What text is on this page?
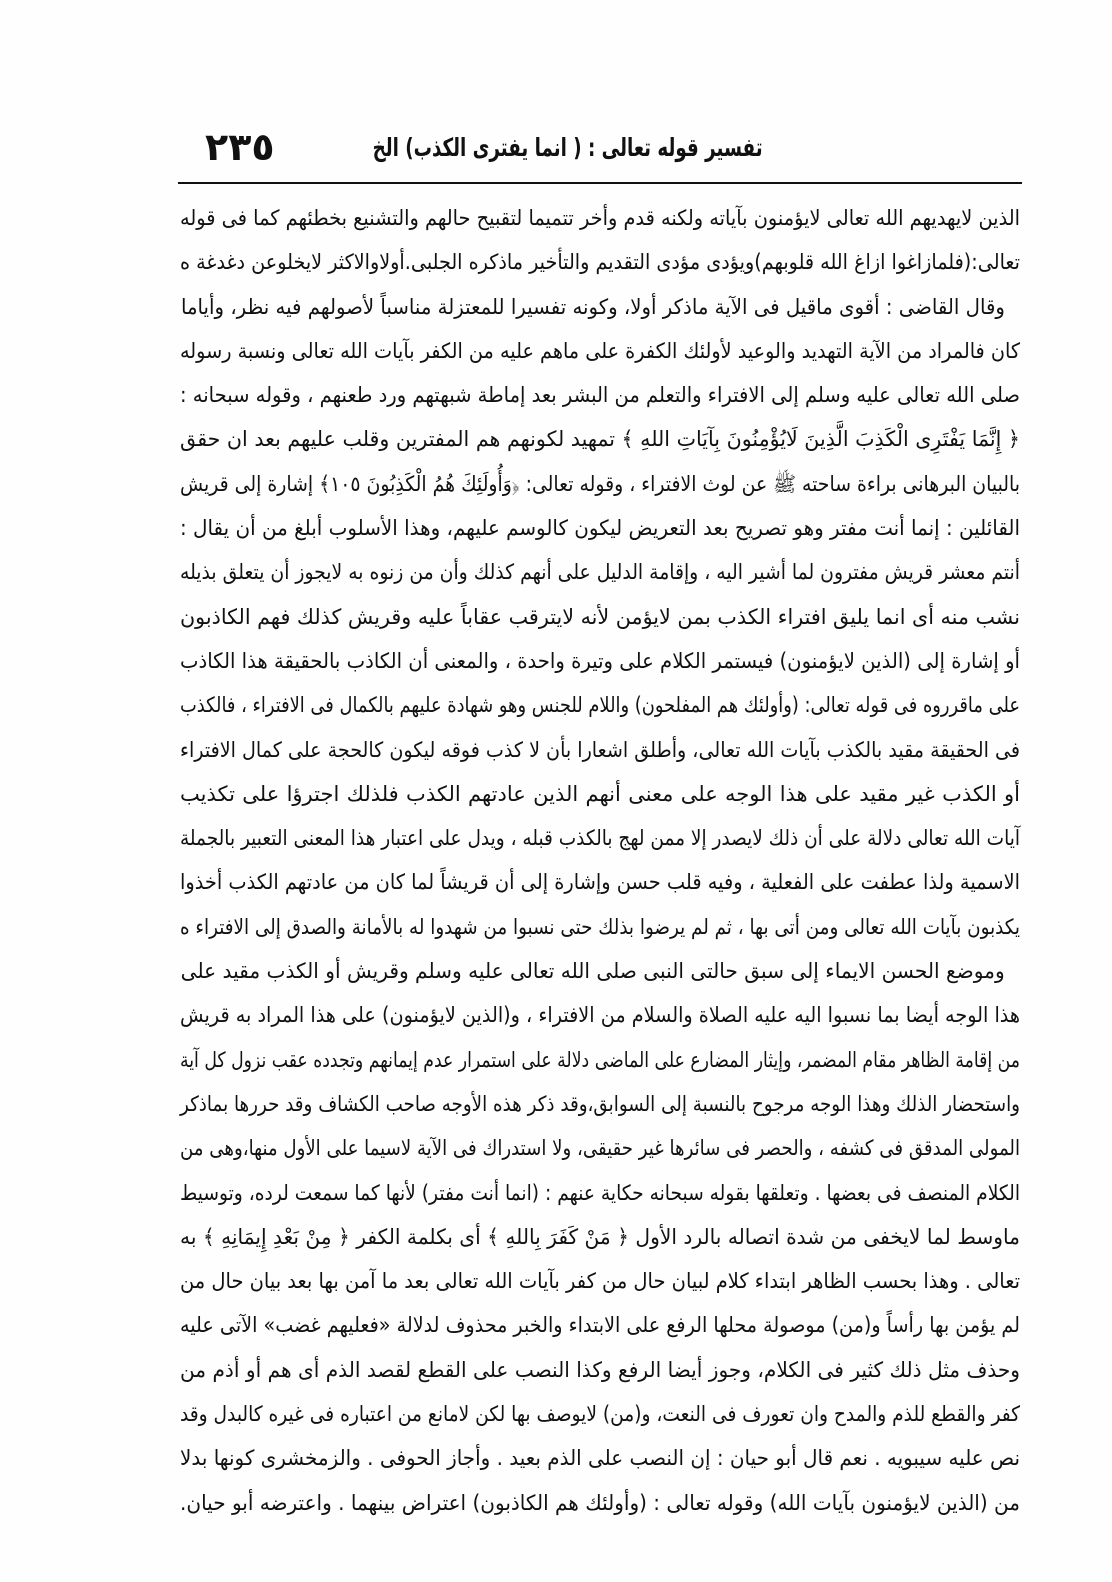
٢٣٥	تفسير قوله تعالى : ( انما يفترى الكذب) الخ
الذين لايهديهم الله تعالى لايؤمنون بآياته ولكنه قدم وأخر تتميما لتقبيح حالهم والتشنيع بخطئهم كما فى قوله
تعالى:(فلمازاغوا ازاغ الله قلوبهم)ويؤدى مؤدى التقديم والتأخير ماذكره الجلبى.أولاوالاكثر لايخلوعن دغدغة ه
وقال القاضى : أقوى ماقيل فى الآية ماذكر أولا، وكونه تفسيرا للمعتزلة مناسباً لأصولهم فيه نظر، وأياما
كان فالمراد من الآية التهديد والوعيد لأولئك الكفرة على ماهم عليه من الكفر بآيات الله تعالى ونسبة رسوله
صلى الله تعالى عليه وسلم إلى الافتراء والتعلم من البشر بعد إماطة شبهتهم ورد طعنهم ، وقوله سبحانه :
﴿ إِنَّمَا يَفْتَرِى الْكَذِبَ الَّذِينَ لَايُؤْمِنُونَ بِآيَاتِ اللهِ ﴾ تمهيد لكونهم هم المفترين وقلب عليهم بعد ان حقق
بالبيان البرهانى براءة ساحته ﷺ عن لوث الافتراء ، وقوله تعالى: ﴿وَأُولَئِكَ هُمُ الْكَذِبُونَ ١٠٥﴾ إشارة إلى قريش
القائلين : إنما أنت مفتر وهو تصريح بعد التعريض ليكون كالوسم عليهم، وهذا الأسلوب أبلغ من أن يقال :
أنتم معشر قريش مفترون لما أشير اليه ، وإقامة الدليل على أنهم كذلك وأن من زنوه به لايجوز أن يتعلق بذيله
نشب منه أى انما يليق افتراء الكذب بمن لايؤمن لأنه لايترقب عقاباً عليه وقريش كذلك فهم الكاذبون
أو إشارة إلى (الذين لايؤمنون) فيستمر الكلام على وتيرة واحدة ، والمعنى أن الكاذب بالحقيقة هذا الكاذب
على ماقرروه فى قوله تعالى: (وأولئك هم المفلحون) واللام للجنس وهو شهادة عليهم بالكمال فى الافتراء ، فالكذب
فى الحقيقة مقيد بالكذب بآيات الله تعالى، وأطلق اشعارا بأن لا كذب فوقه ليكون كالحجة على كمال الافتراء
أو الكذب غير مقيد على هذا الوجه على معنى أنهم الذين عادتهم الكذب فلذلك اجترؤا على تكذيب
آيات الله تعالى دلالة على أن ذلك لايصدر إلا ممن لهج بالكذب قبله ، ويدل على اعتبار هذا المعنى التعبير بالجملة
الاسمية ولذا عطفت على الفعلية ، وفيه قلب حسن وإشارة إلى أن قريشاً لما كان من عادتهم الكذب أخذوا
يكذبون بآيات الله تعالى ومن أتى بها ، ثم لم يرضوا بذلك حتى نسبوا من شهدوا له بالأمانة والصدق إلى الافتراء ه
وموضع الحسن الايماء إلى سبق حالتى النبى صلى الله تعالى عليه وسلم وقريش أو الكذب مقيد على
هذا الوجه أيضا بما نسبوا اليه عليه الصلاة والسلام من الافتراء ، و(الذين لايؤمنون) على هذا المراد به قريش
من إقامة الظاهر مقام المضمر، وإيثار المضارع على الماضى دلالة على استمرار عدم إيمانهم وتجدده عقب نزول كل آية
واستحضار الذلك وهذا الوجه مرجوح بالنسبة إلى السوابق،وقد ذكر هذه الأوجه صاحب الكشاف وقد حررها بماذكر
المولى المدقق فى كشفه ، والحصر فى سائرها غير حقيقى، ولا استدراك فى الآية لاسيما على الأول منها،وهى من
الكلام المنصف فى بعضها . وتعلقها بقوله سبحانه حكاية عنهم : (انما أنت مفتر) لأنها كما سمعت لرده، وتوسيط
ماوسط لما لايخفى من شدة اتصاله بالرد الأول ﴿ مَنْ كَفَرَ بِاللهِ ﴾ أى بكلمة الكفر ﴿ مِنْ بَعْدِ إِيمَانِهِ ﴾ به
تعالى . وهذا بحسب الظاهر ابتداء كلام لبيان حال من كفر بآيات الله تعالى بعد ما آمن بها بعد بيان حال من
لم يؤمن بها رأساً و(من) موصولة محلها الرفع على الابتداء والخبر محذوف لدلالة «فعليهم غضب» الآتى عليه
وحذف مثل ذلك كثير فى الكلام، وجوز أيضا الرفع وكذا النصب على القطع لقصد الذم أى هم أو أذم من
كفر والقطع للذم والمدح وان تعورف فى النعت، و(من) لايوصف بها لكن لامانع من اعتباره فى غيره كالبدل وقد
نص عليه سيبويه . نعم قال أبو حيان : إن النصب على الذم بعيد . وأجاز الحوفى . والزمخشرى كونها بدلا
من (الذين لايؤمنون بآيات الله) وقوله تعالى : (وأولئك هم الكاذبون) اعتراض بينهما . واعترضه أبو حيان.
